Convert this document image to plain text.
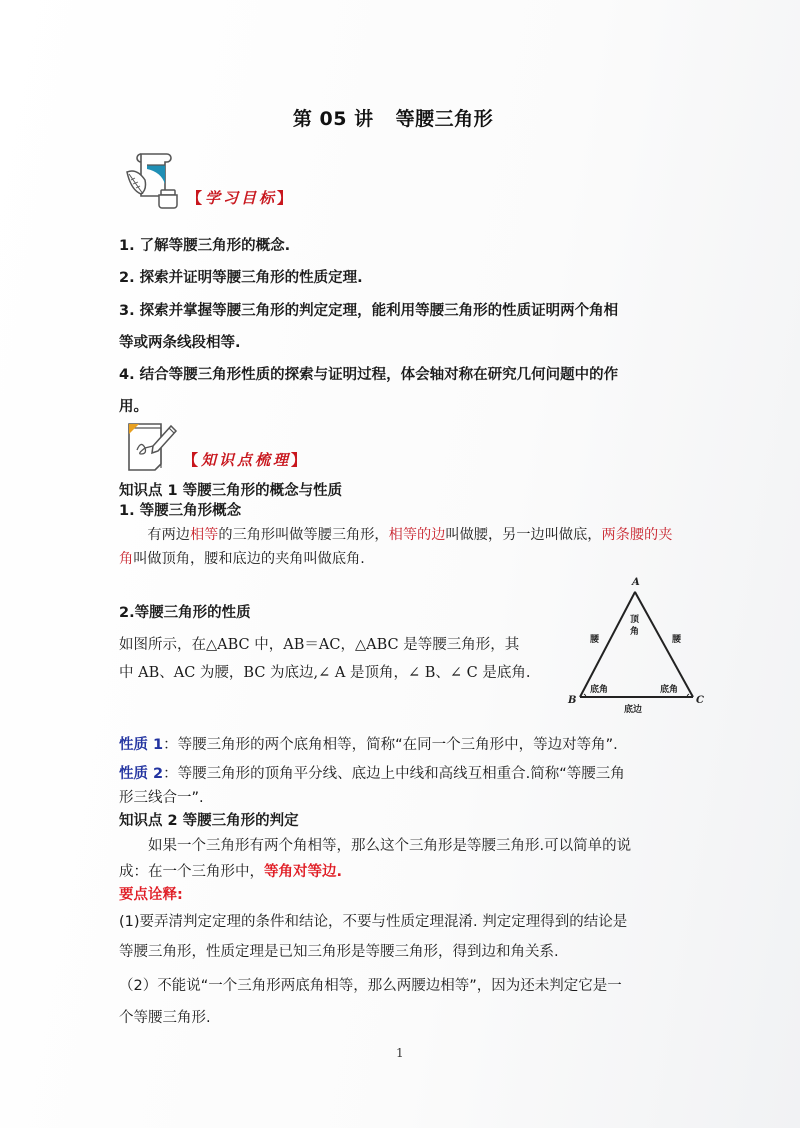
第 05 讲 等腰三角形
【学习目标】
1. 了解等腰三角形的概念.
2. 探索并证明等腰三角形的性质定理.
3. 探索并掌握等腰三角形的判定定理，能利用等腰三角形的性质证明两个角相
等或两条线段相等.
4. 结合等腰三角形性质的探索与证明过程，体会轴对称在研究几何问题中的作
用。
【知识点梳理】
知识点 1 等腰三角形的概念与性质
1. 等腰三角形概念
有两边相等的三角形叫做等腰三角形，相等的边叫做腰，另一边叫做底，两条腰的夹角叫做顶角，腰和底边的夹角叫做底角.
2.等腰三角形的性质
如图所示，在△ABC 中，AB＝AC，△ABC 是等腰三角形，其
中 AB、AC 为腰，BC 为底边,∠ A 是顶角，∠ B、∠ C 是底角.
A
B	C
顶
角
腰	腰
底角	底角
底边
性质 1：等腰三角形的两个底角相等，简称“在同一个三角形中，等边对等角”.
性质 2：等腰三角形的顶角平分线、底边上中线和高线互相重合.简称“等腰三角
形三线合一”.
知识点 2 等腰三角形的判定
如果一个三角形有两个角相等，那么这个三角形是等腰三角形.可以简单的说
成：在一个三角形中，等角对等边.
要点诠释:
(1)要弄清判定定理的条件和结论，不要与性质定理混淆. 判定定理得到的结论是
等腰三角形，性质定理是已知三角形是等腰三角形，得到边和角关系.
（2）不能说“一个三角形两底角相等，那么两腰边相等”，因为还未判定它是一
个等腰三角形.
1
